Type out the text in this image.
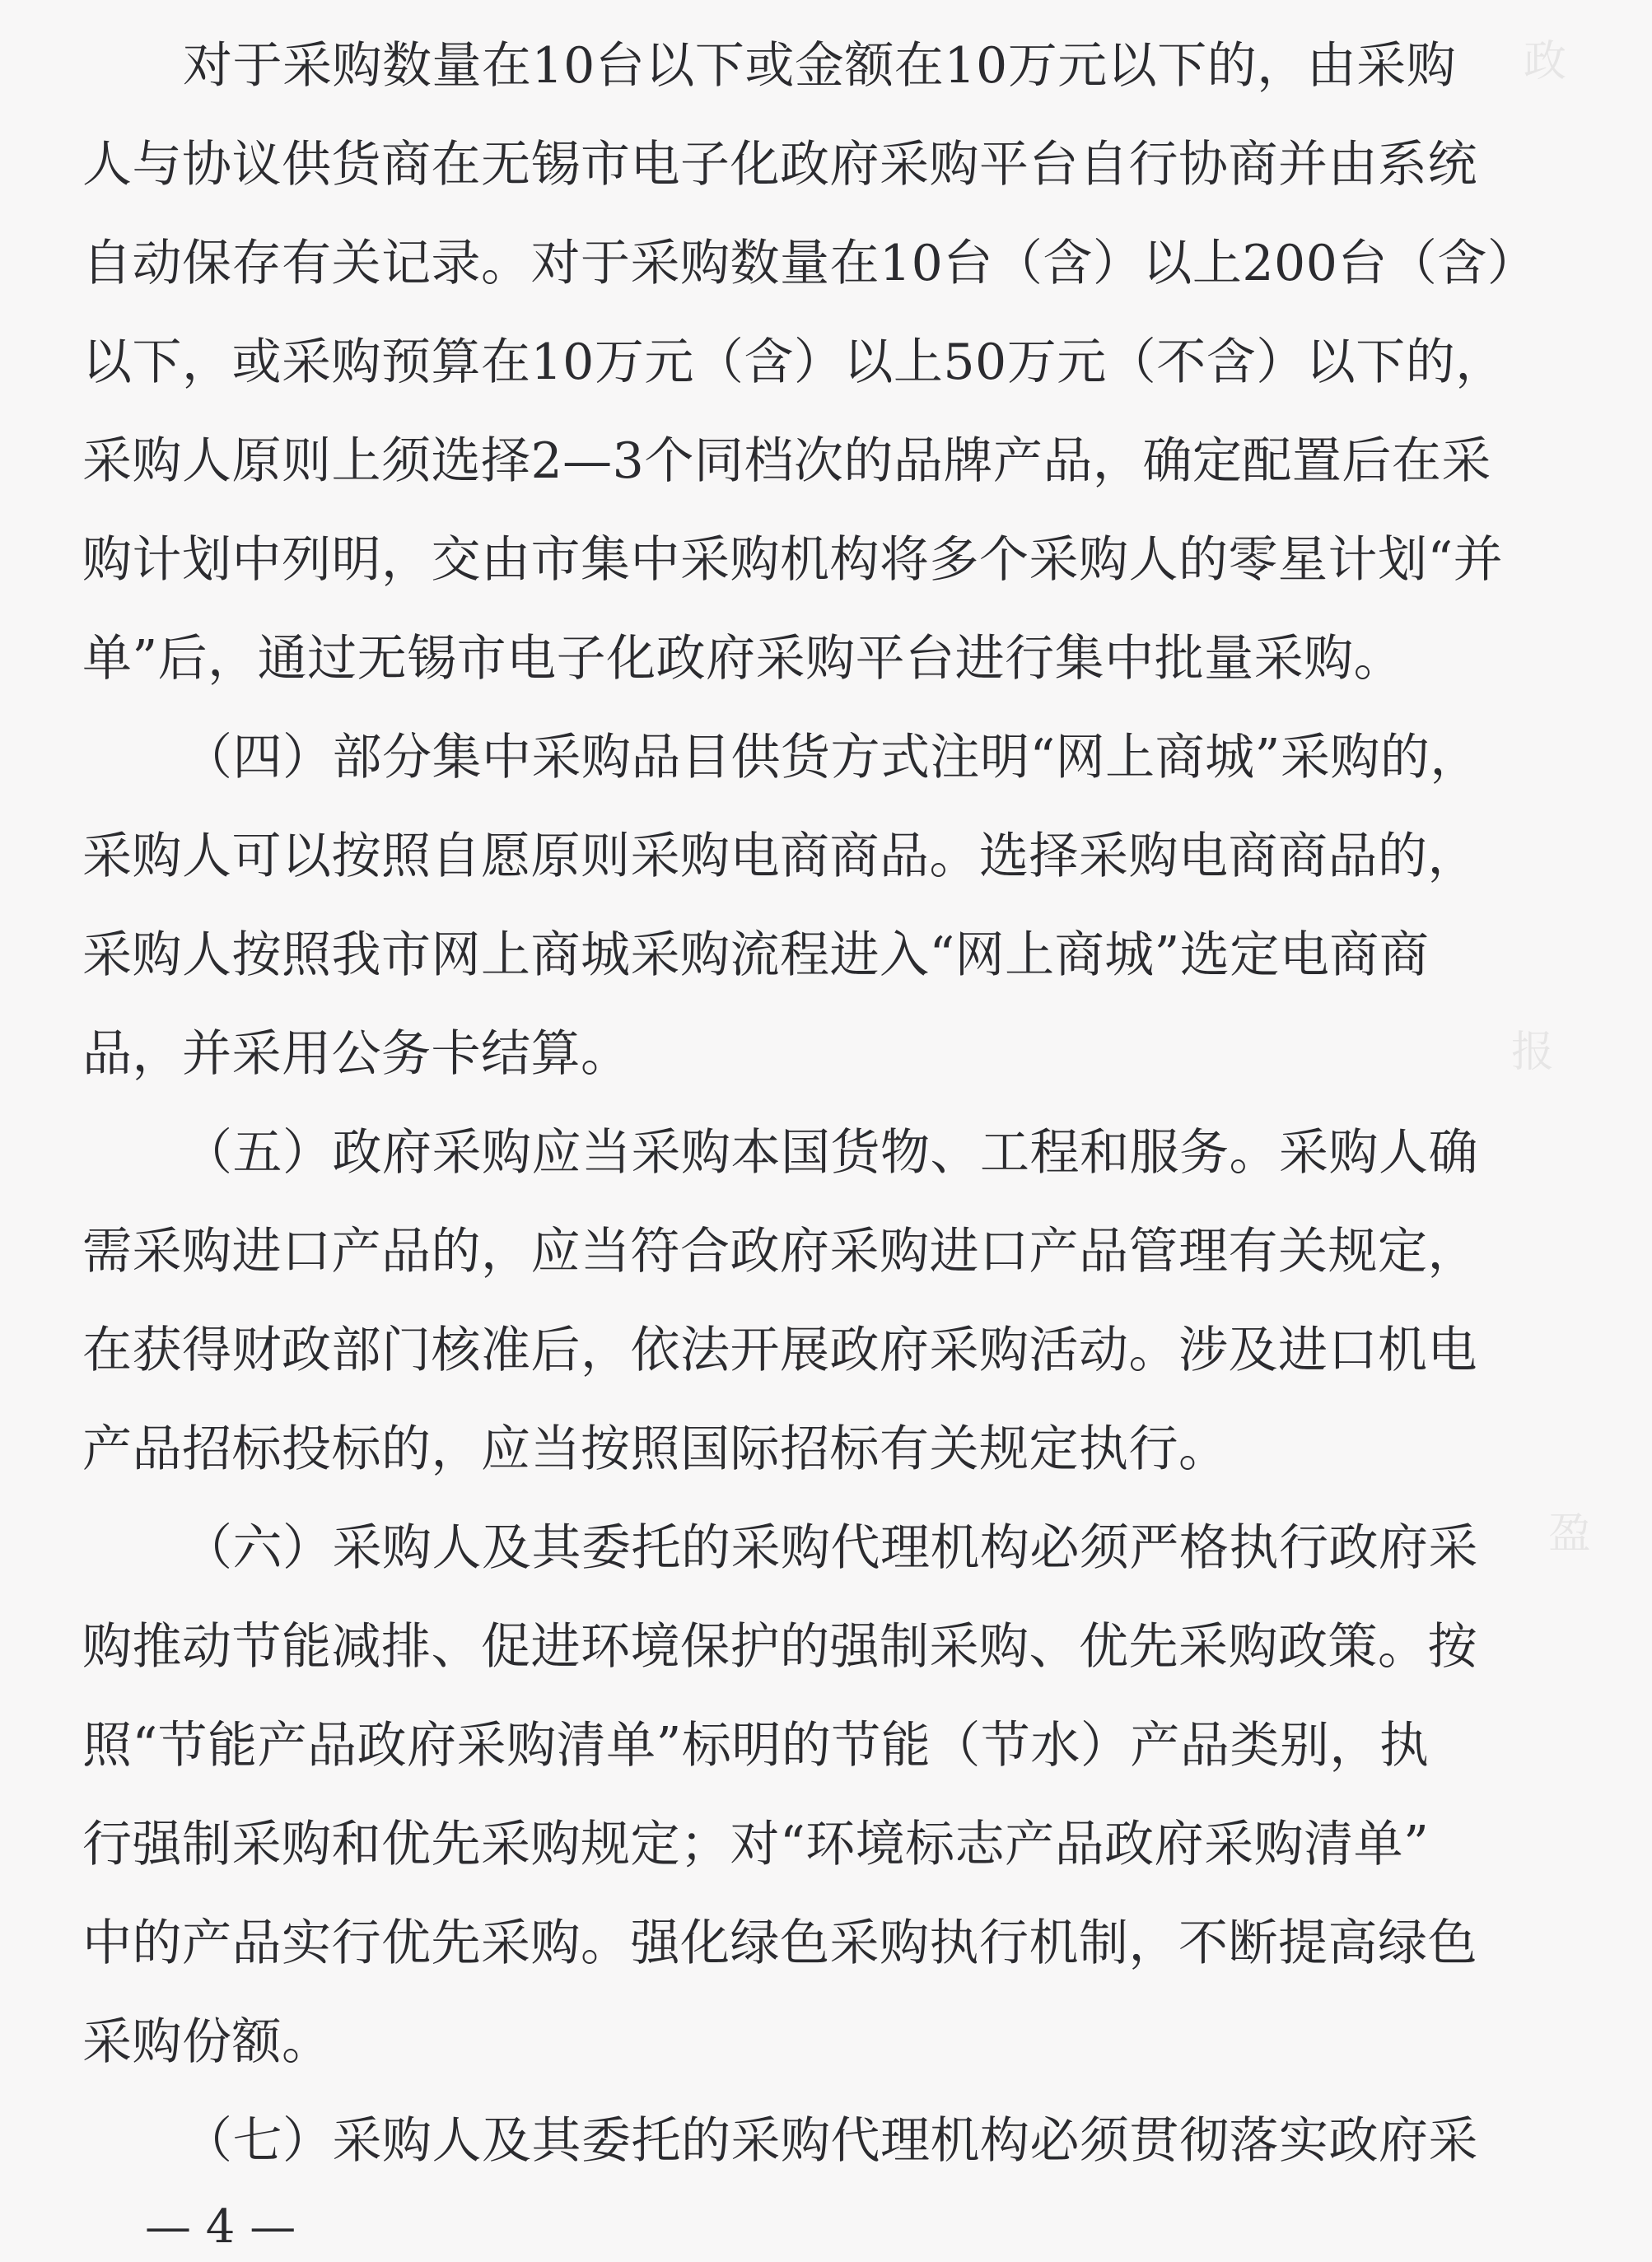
政
报
盈
对于采购数量在10台以下或金额在10万元以下的，由采购
人与协议供货商在无锡市电子化政府采购平台自行协商并由系统
自动保存有关记录。对于采购数量在10台（含）以上200台（含）
以下，或采购预算在10万元（含）以上50万元（不含）以下的，
采购人原则上须选择2—3个同档次的品牌产品，确定配置后在采
购计划中列明，交由市集中采购机构将多个采购人的零星计划“并
单”后，通过无锡市电子化政府采购平台进行集中批量采购。
（四）部分集中采购品目供货方式注明“网上商城”采购的，
采购人可以按照自愿原则采购电商商品。选择采购电商商品的，
采购人按照我市网上商城采购流程进入“网上商城”选定电商商
品，并采用公务卡结算。
（五）政府采购应当采购本国货物、工程和服务。采购人确
需采购进口产品的，应当符合政府采购进口产品管理有关规定，
在获得财政部门核准后，依法开展政府采购活动。涉及进口机电
产品招标投标的，应当按照国际招标有关规定执行。
（六）采购人及其委托的采购代理机构必须严格执行政府采
购推动节能减排、促进环境保护的强制采购、优先采购政策。按
照“节能产品政府采购清单”标明的节能（节水）产品类别，执
行强制采购和优先采购规定；对“环境标志产品政府采购清单”
中的产品实行优先采购。强化绿色采购执行机制，不断提高绿色
采购份额。
（七）采购人及其委托的采购代理机构必须贯彻落实政府采
— 4 —
